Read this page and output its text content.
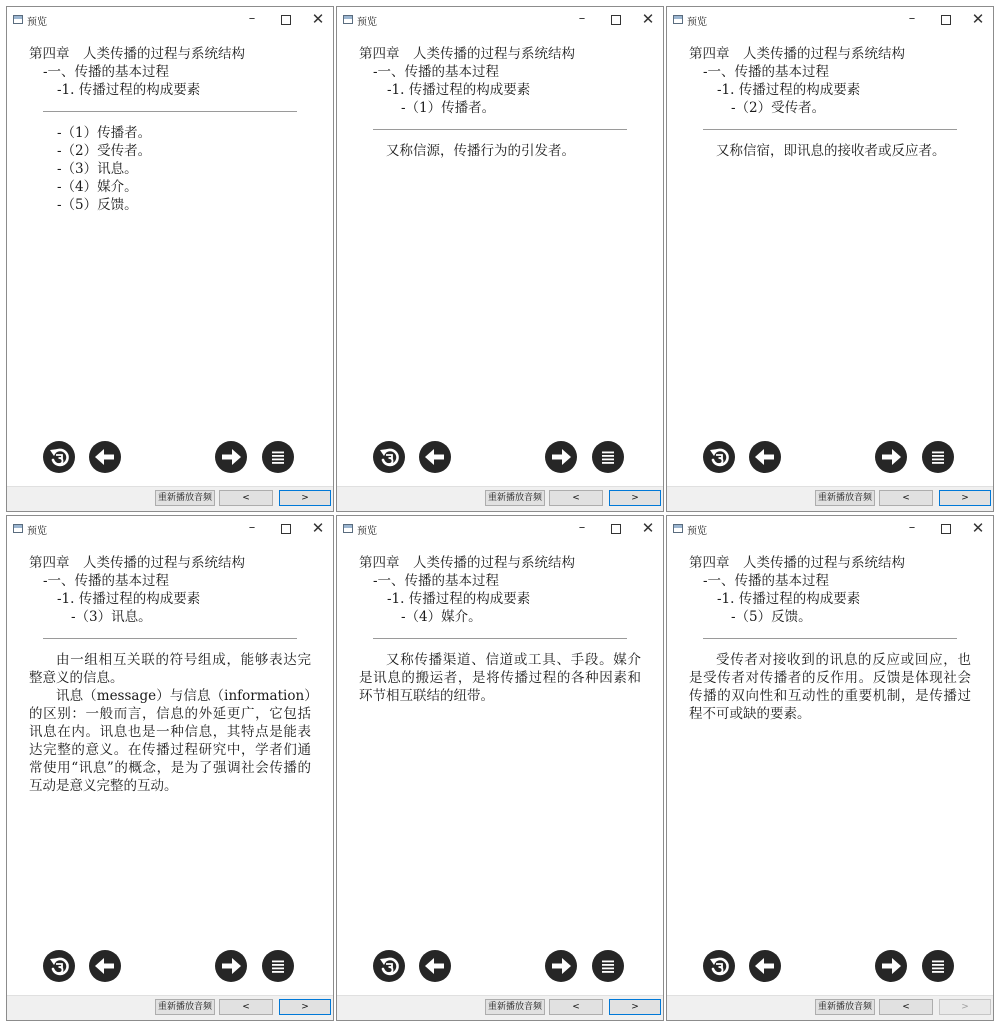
预览	–	✕
第四章　人类传播的过程与系统结构
-一、传播的基本过程
-1. 传播过程的构成要素
-（1）传播者。
-（2）受传者。
-（3）讯息。
-（4）媒介。
-（5）反馈。
重新播放音频	<	>
预览	–	✕
第四章　人类传播的过程与系统结构
-一、传播的基本过程
-1. 传播过程的构成要素
-（1）传播者。
又称信源，传播行为的引发者。
重新播放音频	<	>
预览	–	✕
第四章　人类传播的过程与系统结构
-一、传播的基本过程
-1. 传播过程的构成要素
-（2）受传者。
又称信宿，即讯息的接收者或反应者。
重新播放音频	<	>
预览	–	✕
第四章　人类传播的过程与系统结构
-一、传播的基本过程
-1. 传播过程的构成要素
-（3）讯息。
由一组相互关联的符号组成，能够表达完整意义的信息。
讯息（message）与信息（information）的区别：一般而言，信息的外延更广，它包括讯息在内。讯息也是一种信息，其特点是能表达完整的意义。在传播过程研究中，学者们通常使用“讯息”的概念，是为了强调社会传播的互动是意义完整的互动。
重新播放音频	<	>
预览	–	✕
第四章　人类传播的过程与系统结构
-一、传播的基本过程
-1. 传播过程的构成要素
-（4）媒介。
又称传播渠道、信道或工具、手段。媒介是讯息的搬运者，是将传播过程的各种因素和环节相互联结的纽带。
重新播放音频	<	>
预览	–	✕
第四章　人类传播的过程与系统结构
-一、传播的基本过程
-1. 传播过程的构成要素
-（5）反馈。
受传者对接收到的讯息的反应或回应，也是受传者对传播者的反作用。反馈是体现社会传播的双向性和互动性的重要机制，是传播过程不可或缺的要素。
重新播放音频	<	>
